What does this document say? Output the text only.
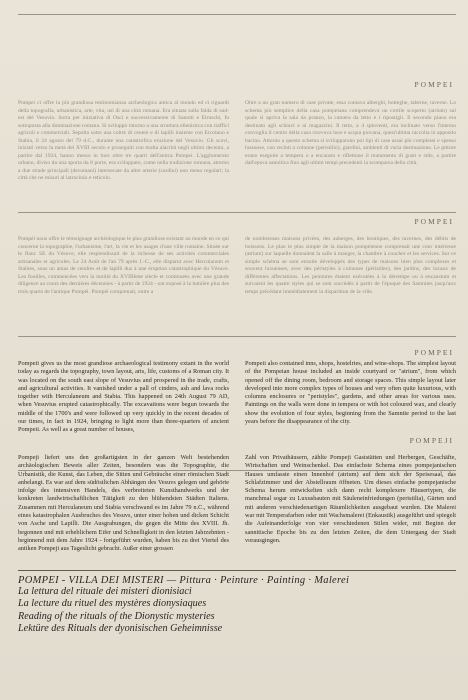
POMPEI
Pompei ci offre la più grandiosa testimonianza archeologica antica al mondo ed ci riguardi della topografia, urbanistica, arte, vita, usi di una città romana. Era situata sulla falda di sud-est del Vesuvio. Sorta per iniziativa di Osci e successivamente di Sanniti e Etruschi, fu sottoposta alla dominazione romana. Si sviluppò intorno a una struttura ellenistica con traffici agricoli e commerciali. Sepolta sotto una coltre di cenere e di lapilli insieme con Ercolano e Stabia, il 24 agosto del 79 d.C., durante una catastrofica eruzione del Vesuvio. Gli scavi, iniziati verso la metà del XVIII secolo e proseguiti con molta alacrità negli ultimi decenni, a partire dal 1924, hanno messo in luce oltre tre quarti dell'antica Pompei. L'agglomerato urbano, diviso da una sporta da 8 porte, era sviluppato, come nella tradizione romana, attorno a due strade principali (decumani) intersecate da altre arterie (cardini) non meno regolari; la città che ne misuri al latrocinio e reticolo.
Oltre a un gran numero di case private, essa contava alberghi, botteghe, taberne, taverne. Lo schema più semplice della casa pompeiana comprendeva un cortile scoperto (atrium) sul quale si apriva la sala da pranzo, la camera da letto e i ripostigli. Il secondo piano era destinato agli schiavi e ai magazzini. Il tetto, a 4 spioventi, era inclinato verso l'interno convoglia il centro della casa ricevuva luce e acqua piovana, quest'ultima raccolta in apposito bacino. Attorno a questo schema si svilupparono poi tipi di case assai più complessi e spesso lussuose, con recinti a colonne (peristilio), giardini, ambienti di varia destinazione. Le pitture erano eseguite a tempera o a encausto e riflettono il mutamento di gusti e stile, a partire dall'epoca sannitica fino agli ultimi tempi precedenti la scomparsa della città.
POMPEI
Pompéi nous offre le témoignage archéologique le plus grandiose existant au monde en ce qui concerne la topographie, l'urbanisme, l'art, la vie et les usages d'une ville romaine. Située sur le flanc SE du Vésuve, elle resplendissait de la richesse de ses activités commerciales artisanales et agricoles. Le 24 Août de l'an 79 après J.-C., elle disparut avec Herculanum et Stabies, sous un amas de cendres et de lapilli dus à une éruption catastrophique du Vésuve. Les fouilles, commencées vers la moitié du XVIIIème siècle et continuées avec une grande diligence au cours des dernières décennies - à partir de 1924 - ont exposé à la lumière plus des trois quarts de l'antique Pompéi. Pompéi comprenait, outre a
de nombreuses maisons privées, des auberges, des boutiques, des tavernes, des débits de boissons. Le plan le plus simple de la maison pompéienne comprenait une cour intérieure (atrium) sur laquelle donnaient la salle à manger, la chambre à coucher et les services. Sur ce simple schéma se sont ensuite développés des types de maisons bien plus complexes et souvent luxueuses, avec des péristyles à colonnes (péristiles), des jardins, des locaux de différentes affectations. Les peintures étaient exécutées à la détrempe ou à encaustum et suivaient les quatre styles qui se sont succédés à partir de l'époque des Samnites jusqu'aux temps précédant immédiatement la disparition de la ville.
POMPEI
Pompeii gives us the most grandiose archaeological testimony extant in the world today as regards the topography, town layout, arts, life, customs of a Roman city. It was located on the south east slope of Vesuvius and prospered in the trade, crafts, and agricultural activities. It vanished under a pall of cinders, ash and lava rocks together with Herculaneum and Stabia. This happened on 24th August 79 AD, when Vesuvius erupted catastrophically. The excavations were begun towards the middle of the 1700's and were followed up very quickly in the recent decades of our times, in fact in 1924, bringing to light more than three-quarters of ancient Pompeii. As well as a great number of houses,
Pompeii also contained inns, shops, hostelries, and wine-shops. The simplest layout of the Pompeian house included an inside courtyard or "atrium", from which opened off the dining room, bedroom and storage spaces. This simple layout later developed into more complex types of houses and very often quite luxurious, with columns enclosures or "peristyles", gardens, and other areas for various uses. Paintings on the walls were done in tempera or with hot coloured wax, and clearly show the evolution of four styles, beginning from the Samnite period to the last years before the disappearance of the city.
POMPEJI
Pompeji liefert uns den großartigsten in der ganzen Welt bestehenden archäologischen Beweis aller Zeiten, besonders was die Topographie, die Urbanistik, die Kunst, das Leben, die Sitten und Gebräuche einer römischen Stadt anbelangt. Es war auf dem südöstlichen Abhängen des Vesuvs gelegen und gehörte infolge des intensiven Handels, des verbreiteten Kunsthandwerks und der konkreten landwirtschaftlichen Tätigkeit zu den blühendsten Städten Italiens. Zusammen mit Herculaneum und Stabia verschwand es im Jahre 79 n.C., während eines katastrophalen Ausbruches des Vesuvs, unter einer hohen und dicken Schicht von Asche und Lapilli. Die Ausgrabungen, die gegen die Mitte des XVIII. Jh. begonnen und mit erheblichem Eifer und Schnelligkeit in den letzten Jahrzehnten - beginnend mit dem Jahre 1924 - fortgeführt wurden, haben bis zu drei Viertel des antiken Pompeji aus Tageslicht gebracht. Außer einer grossen
Zahl von Privathäusern, zählte Pompeji Gaststätten und Herbergen, Geschäfte, Wirtschaften und Weinschenkel. Das einfachste Schema eines pompejanischen Hauses umfasste einen Innenhof (atrium) auf dem sich der Speisesaal, das Schlafzimmer und der Abstellraum öffneten. Um dieses einfache pompejanische Schema herum entwickelten sich dann recht komplexere Häusertypen, die manchmal sogar zu Luxusbauten mit Säuleneinfriedungen (peristilia), Gärten und mit anderen verschiedenartigen Räumlichkeiten ausgebaut wurden. Die Malerei war mit Temperafarben oder mit Wachsmalerei (Enkaustik) ausgeführt und spiegelt die Aufeinanderfolge von vier verschiedenen Stilen wider, mit Beginn der sannitische Epoche bis zu den letzten Zeiten, die dem Untergang der Stadt vorausgingen.
POMPEI - VILLA DEI MISTERI — Pittura · Peinture · Painting · Malerei
La lettura del rituale dei misteri dionisiaci
La lecture du rituel des mystères dionysiaques
Reading of the rituals of the Dionystic mysteries
Lektüre des Rituals der dyonisischen Geheimnisse
